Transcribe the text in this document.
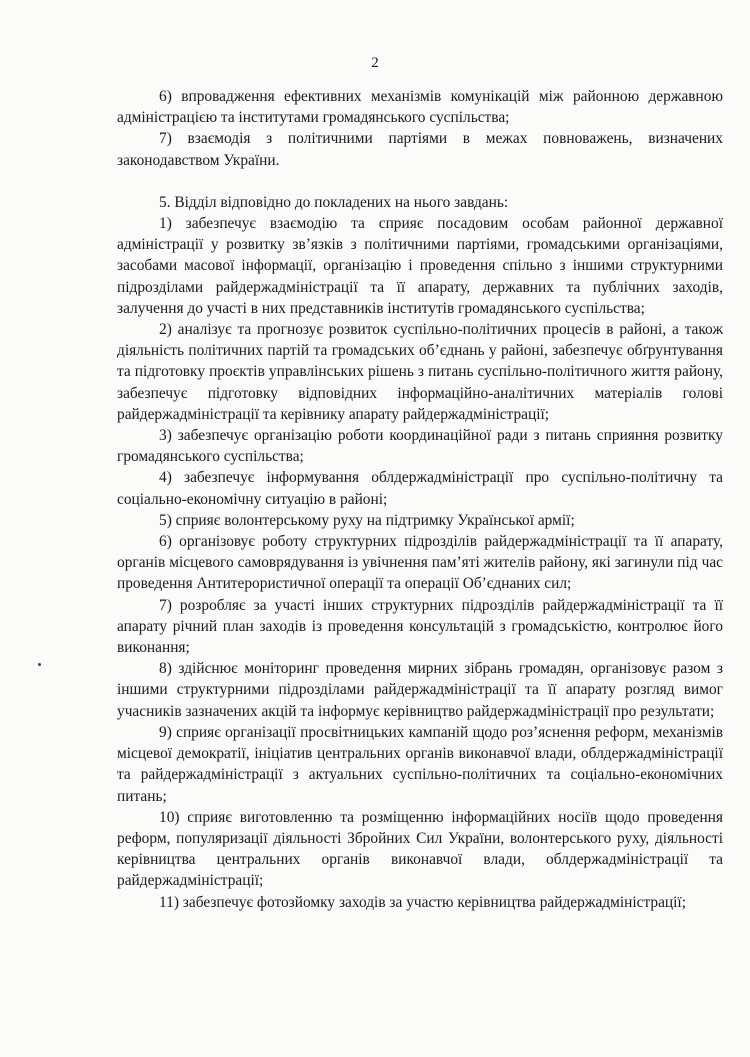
2

6) впровадження ефективних механізмів комунікацій між районною державною адміністрацією та інститутами громадянського суспільства;

7) взаємодія з політичними партіями в межах повноважень, визначених законодавством України.

5. Відділ відповідно до покладених на нього завдань:

1) забезпечує взаємодію та сприяє посадовим особам районної державної адміністрації у розвитку зв’язків з політичними партіями, громадськими організаціями, засобами масової інформації, організацію і проведення спільно з іншими структурними підрозділами райдержадміністрації та її апарату, державних та публічних заходів, залучення до участі в них представників інститутів громадянського суспільства;

2) аналізує та прогнозує розвиток суспільно-політичних процесів в районі, а також діяльність політичних партій та громадських об’єднань у районі, забезпечує обґрунтування та підготовку проєктів управлінських рішень з питань суспільно-політичного життя району, забезпечує підготовку відповідних інформаційно-аналітичних матеріалів голові райдержадміністрації та керівнику апарату райдержадміністрації;

3) забезпечує організацію роботи координаційної ради з питань сприяння розвитку громадянського суспільства;

4) забезпечує інформування облдержадміністрації про суспільно-політичну та соціально-економічну ситуацію в районі;

5) сприяє волонтерському руху на підтримку Української армії;

6) організовує роботу структурних підрозділів райдержадміністрації та її апарату, органів місцевого самоврядування із увічнення пам’яті жителів району, які загинули під час проведення Антитерористичної операції та операції Об’єднаних сил;

7) розробляє за участі інших структурних підрозділів райдержадміністрації та її апарату річний план заходів із проведення консультацій з громадськістю, контролює його виконання;

8) здійснює моніторинг проведення мирних зібрань громадян, організовує разом з іншими структурними підрозділами райдержадміністрації та її апарату розгляд вимог учасників зазначених акцій та інформує керівництво райдержадміністрації про результати;

9) сприяє організації просвітницьких кампаній щодо роз’яснення реформ, механізмів місцевої демократії, ініціатив центральних органів виконавчої влади, облдержадміністрації та райдержадміністрації з актуальних суспільно-політичних та соціально-економічних питань;

10) сприяє виготовленню та розміщенню інформаційних носіїв щодо проведення реформ, популяризації діяльності Збройних Сил України, волонтерського руху, діяльності керівництва центральних органів виконавчої влади, облдержадміністрації та райдержадміністрації;

11) забезпечує фотозйомку заходів за участю керівництва райдержадміністрації;
